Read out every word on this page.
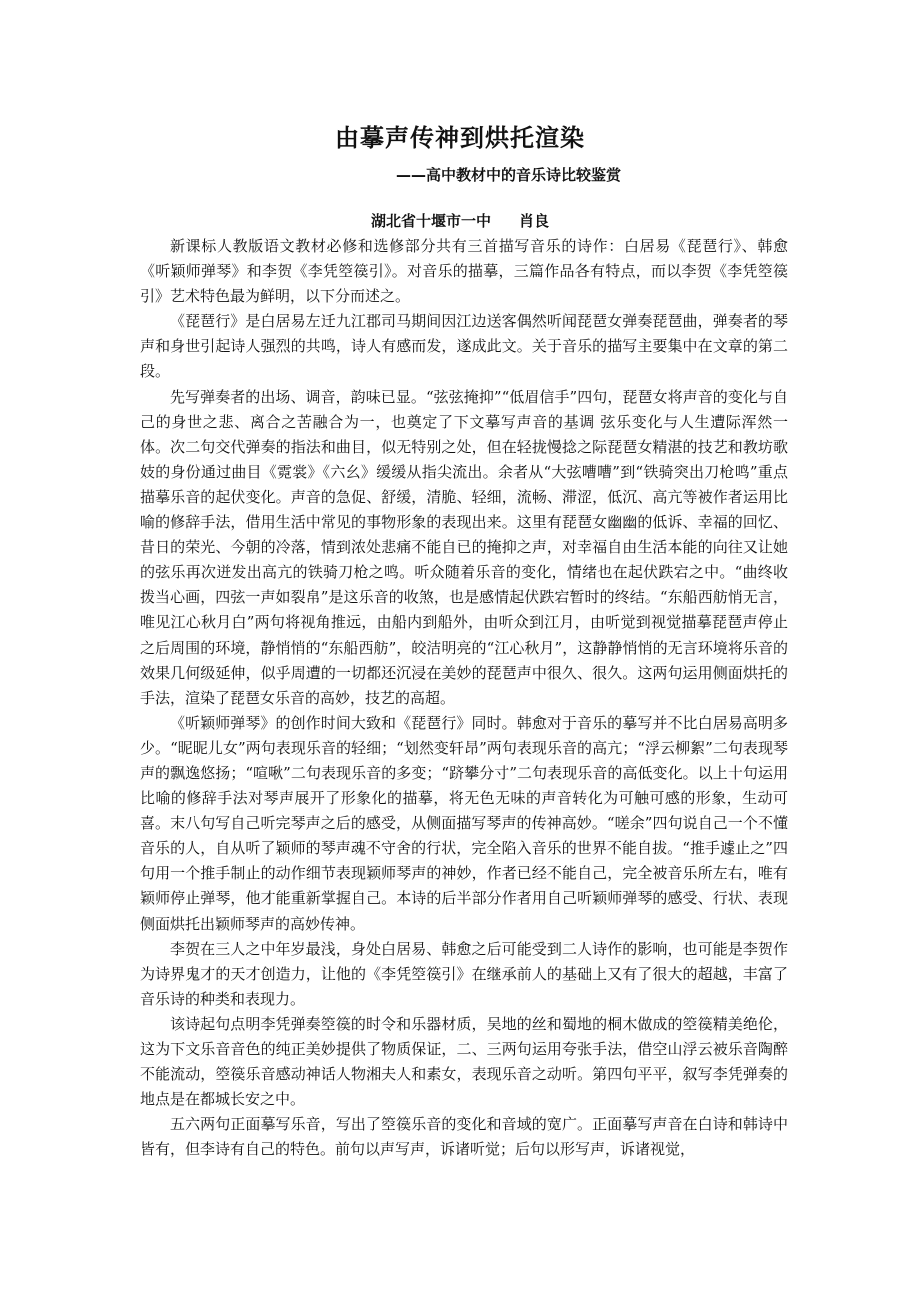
由摹声传神到烘托渲染
——高中教材中的音乐诗比较鉴赏
湖北省十堰市一中 肖良

新课标人教版语文教材必修和选修部分共有三首描写音乐的诗作：白居易《琵琶行》、韩愈《听颖师弹琴》和李贺《李凭箜篌引》。对音乐的描摹，三篇作品各有特点，而以李贺《李凭箜篌引》艺术特色最为鲜明，以下分而述之。

《琵琶行》是白居易左迁九江郡司马期间因江边送客偶然听闻琵琶女弹奏琵琶曲，弹奏者的琴声和身世引起诗人强烈的共鸣，诗人有感而发，遂成此文。关于音乐的描写主要集中在文章的第二段。

先写弹奏者的出场、调音，韵味已显。“弦弦掩抑”“低眉信手”四句，琵琶女将声音的变化与自己的身世之悲、离合之苦融合为一，也奠定了下文摹写声音的基调 弦乐变化与人生遭际浑然一体。次二句交代弹奏的指法和曲目，似无特别之处，但在轻拢慢捻之际琵琶女精湛的技艺和教坊歌妓的身份通过曲目《霓裳》《六幺》缓缓从指尖流出。余者从“大弦嘈嘈”到“铁骑突出刀枪鸣”重点描摹乐音的起伏变化。声音的急促、舒缓，清脆、轻细，流畅、滞涩，低沉、高亢等被作者运用比喻的修辞手法，借用生活中常见的事物形象的表现出来。这里有琵琶女幽幽的低诉、幸福的回忆、昔日的荣光、今朝的冷落，情到浓处悲痛不能自已的掩抑之声，对幸福自由生活本能的向往又让她的弦乐再次迸发出高亢的铁骑刀枪之鸣。听众随着乐音的变化，情绪也在起伏跌宕之中。“曲终收拨当心画，四弦一声如裂帛”是这乐音的收煞，也是感情起伏跌宕暂时的终结。“东船西舫悄无言，唯见江心秋月白”两句将视角推远，由船内到船外，由听众到江月，由听觉到视觉描摹琵琶声停止之后周围的环境，静悄悄的“东船西舫”，皎洁明亮的“江心秋月”，这静静悄悄的无言环境将乐音的效果几何级延伸，似乎周遭的一切都还沉浸在美妙的琵琶声中很久、很久。这两句运用侧面烘托的手法，渲染了琵琶女乐音的高妙，技艺的高超。

《听颖师弹琴》的创作时间大致和《琵琶行》同时。韩愈对于音乐的摹写并不比白居易高明多少。“昵昵儿女”两句表现乐音的轻细；“划然变轩昂”两句表现乐音的高亢；“浮云柳絮”二句表现琴声的飘逸悠扬；“喧啾”二句表现乐音的多变；“跻攀分寸”二句表现乐音的高低变化。以上十句运用比喻的修辞手法对琴声展开了形象化的描摹，将无色无味的声音转化为可触可感的形象，生动可喜。末八句写自己听完琴声之后的感受，从侧面描写琴声的传神高妙。“嗟余”四句说自己一个不懂音乐的人，自从听了颖师的琴声魂不守舍的行状，完全陷入音乐的世界不能自拔。“推手遽止之”四句用一个推手制止的动作细节表现颖师琴声的神妙，作者已经不能自己，完全被音乐所左右，唯有颖师停止弹琴，他才能重新掌握自己。本诗的后半部分作者用自己听颖师弹琴的感受、行状、表现侧面烘托出颖师琴声的高妙传神。

李贺在三人之中年岁最浅，身处白居易、韩愈之后可能受到二人诗作的影响，也可能是李贺作为诗界鬼才的天才创造力，让他的《李凭箜篌引》在继承前人的基础上又有了很大的超越，丰富了音乐诗的种类和表现力。

该诗起句点明李凭弹奏箜篌的时令和乐器材质，吴地的丝和蜀地的桐木做成的箜篌精美绝伦，这为下文乐音音色的纯正美妙提供了物质保证，二、三两句运用夸张手法，借空山浮云被乐音陶醉不能流动，箜篌乐音感动神话人物湘夫人和素女，表现乐音之动听。第四句平平，叙写李凭弹奏的地点是在都城长安之中。

五六两句正面摹写乐音，写出了箜篌乐音的变化和音域的宽广。正面摹写声音在白诗和韩诗中皆有，但李诗有自己的特色。前句以声写声，诉诸听觉；后句以形写声，诉诸视觉，
